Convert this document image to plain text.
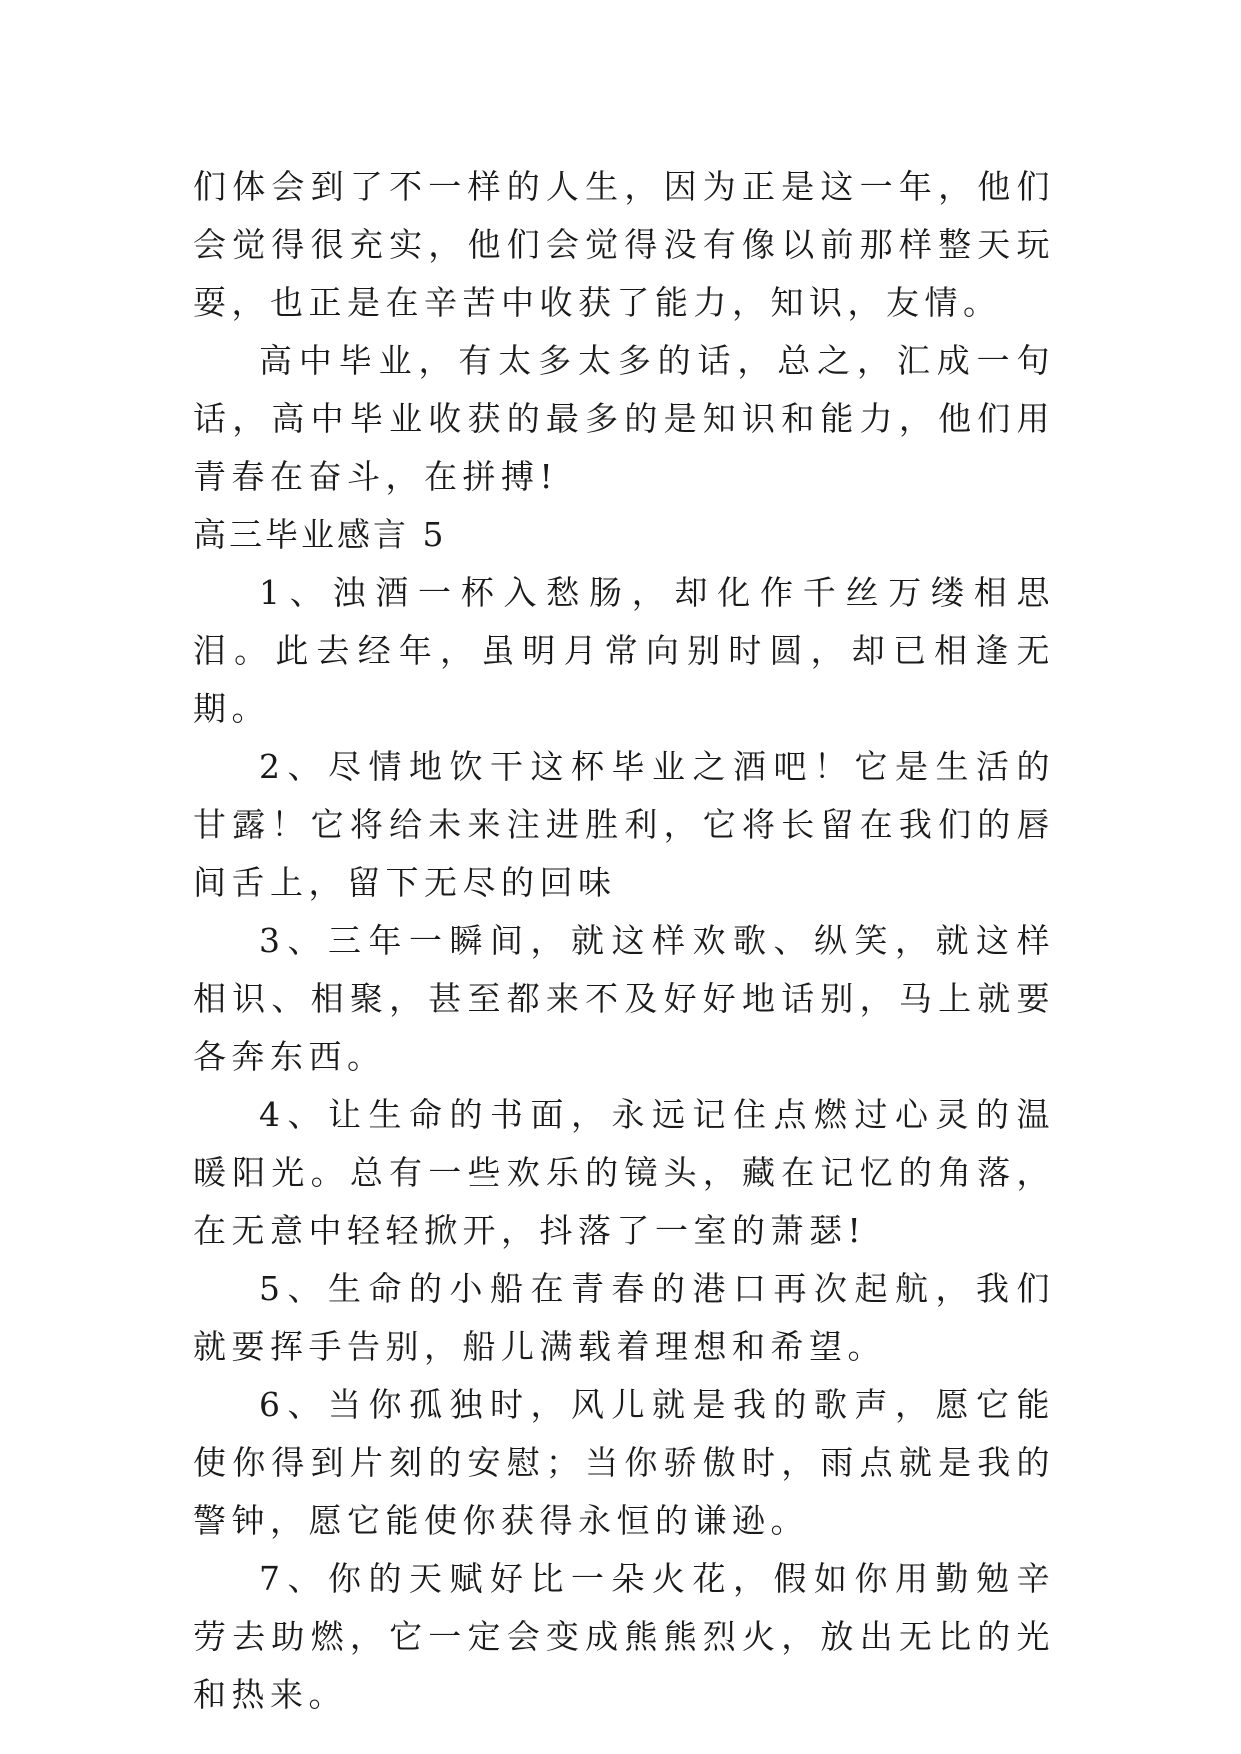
们体会到了不一样的人生，因为正是这一年，他们会觉得很充实，他们会觉得没有像以前那样整天玩耍，也正是在辛苦中收获了能力，知识，友情。

高中毕业，有太多太多的话，总之，汇成一句话，高中毕业收获的最多的是知识和能力，他们用青春在奋斗，在拼搏!

高三毕业感言 5

1、浊酒一杯入愁肠，却化作千丝万缕相思泪。此去经年，虽明月常向别时圆，却已相逢无期。

2、尽情地饮干这杯毕业之酒吧！它是生活的甘露！它将给未来注进胜利，它将长留在我们的唇间舌上，留下无尽的回味

3、三年一瞬间，就这样欢歌、纵笑，就这样相识、相聚，甚至都来不及好好地话别，马上就要各奔东西。

4、让生命的书面，永远记住点燃过心灵的温暖阳光。总有一些欢乐的镜头，藏在记忆的角落，在无意中轻轻掀开，抖落了一室的萧瑟!

5、生命的小船在青春的港口再次起航，我们就要挥手告别，船儿满载着理想和希望。

6、当你孤独时，风儿就是我的歌声，愿它能使你得到片刻的安慰；当你骄傲时，雨点就是我的警钟，愿它能使你获得永恒的谦逊。

7、你的天赋好比一朵火花，假如你用勤勉辛劳去助燃，它一定会变成熊熊烈火，放出无比的光和热来。
